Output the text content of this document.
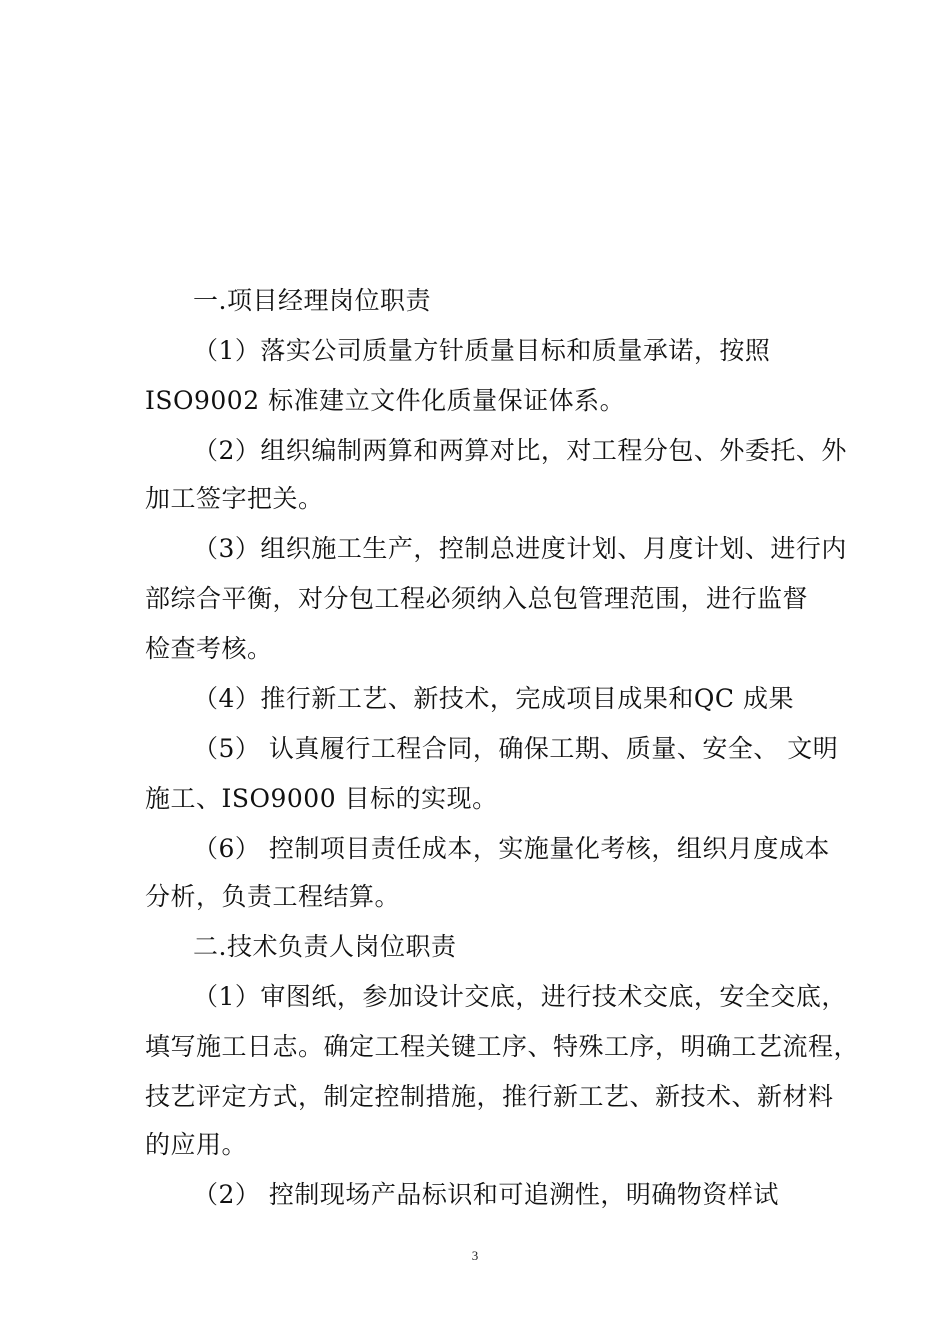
一.项目经理岗位职责
（1）落实公司质量方针质量目标和质量承诺，按照
ISO9002 标准建立文件化质量保证体系。
（2）组织编制两算和两算对比，对工程分包、外委托、外
加工签字把关。
（3）组织施工生产，控制总进度计划、月度计划、进行内
部综合平衡，对分包工程必须纳入总包管理范围，进行监督
检查考核。
（4）推行新工艺、新技术，完成项目成果和QC 成果
（5） 认真履行工程合同，确保工期、质量、安全、 文明
施工、ISO9000 目标的实现。
（6） 控制项目责任成本，实施量化考核，组织月度成本
分析，负责工程结算。
二.技术负责人岗位职责
（1）审图纸，参加设计交底，进行技术交底，安全交底，
填写施工日志。确定工程关键工序、特殊工序，明确工艺流程，
技艺评定方式，制定控制措施，推行新工艺、新技术、新材料
的应用。
（2） 控制现场产品标识和可追溯性，明确物资样试
3
